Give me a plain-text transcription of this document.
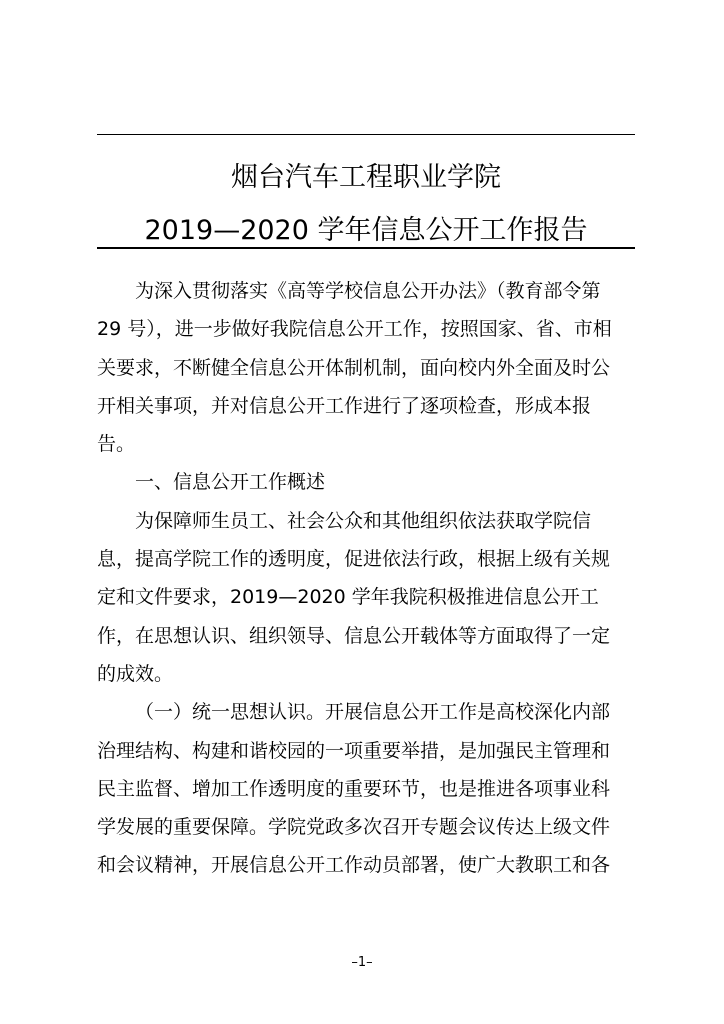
烟台汽车工程职业学院
2019—2020 学年信息公开工作报告
为深入贯彻落实《高等学校信息公开办法》（教育部令第
29 号），进一步做好我院信息公开工作，按照国家、省、市相
关要求，不断健全信息公开体制机制，面向校内外全面及时公
开相关事项，并对信息公开工作进行了逐项检查，形成本报
告。
一、信息公开工作概述
为保障师生员工、社会公众和其他组织依法获取学院信
息，提高学院工作的透明度，促进依法行政，根据上级有关规
定和文件要求，2019—2020 学年我院积极推进信息公开工
作，在思想认识、组织领导、信息公开载体等方面取得了一定
的成效。
（一）统一思想认识。开展信息公开工作是高校深化内部
治理结构、构建和谐校园的一项重要举措，是加强民主管理和
民主监督、增加工作透明度的重要环节，也是推进各项事业科
学发展的重要保障。学院党政多次召开专题会议传达上级文件
和会议精神，开展信息公开工作动员部署，使广大教职工和各
–1–
